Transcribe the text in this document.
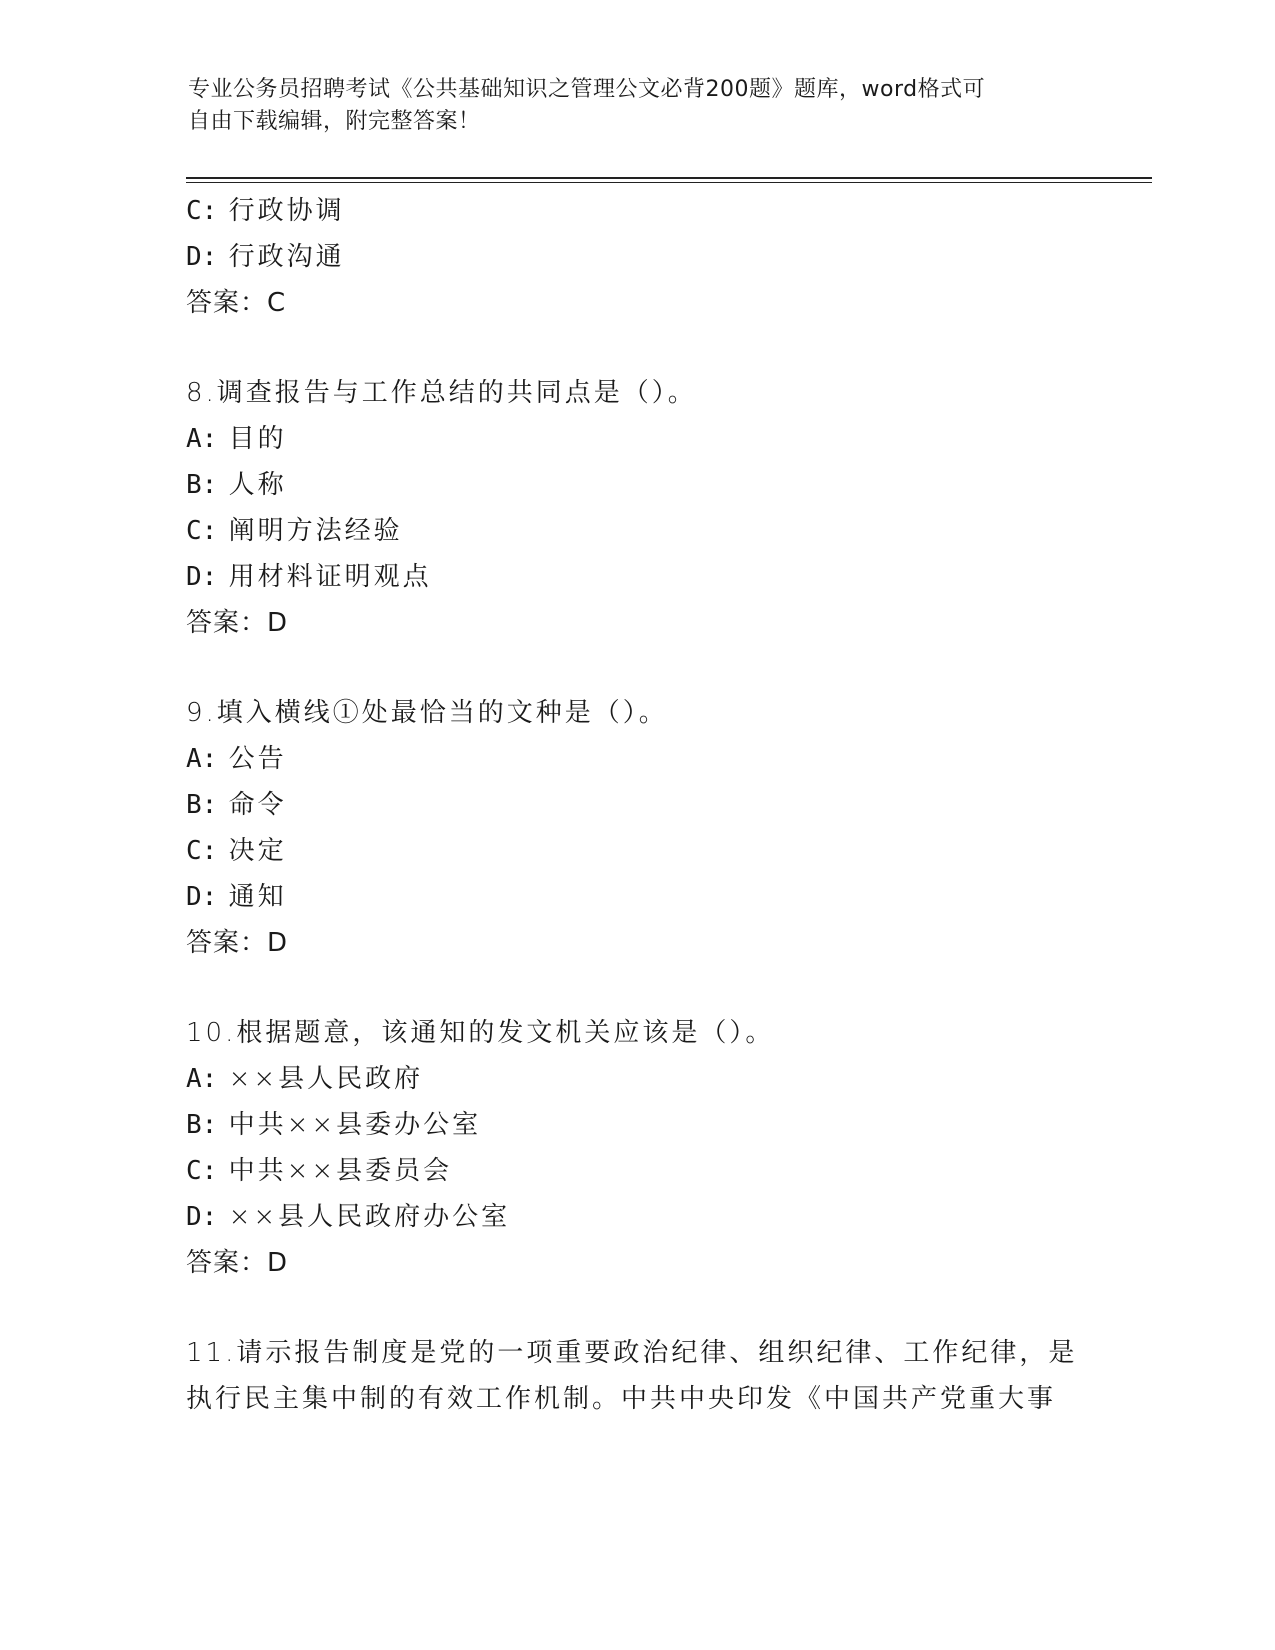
专业公务员招聘考试《公共基础知识之管理公文必背200题》题库，word格式可
自由下载编辑，附完整答案！
C: 行政协调
D: 行政沟通
答案：C
8.调查报告与工作总结的共同点是（）。
A: 目的
B: 人称
C: 阐明方法经验
D: 用材料证明观点
答案：D
9.填入横线①处最恰当的文种是（）。
A: 公告
B: 命令
C: 决定
D: 通知
答案：D
10.根据题意，该通知的发文机关应该是（）。
A: ××县人民政府
B: 中共××县委办公室
C: 中共××县委员会
D: ××县人民政府办公室
答案：D
11.请示报告制度是党的一项重要政治纪律、组织纪律、工作纪律，是
执行民主集中制的有效工作机制。中共中央印发《中国共产党重大事
